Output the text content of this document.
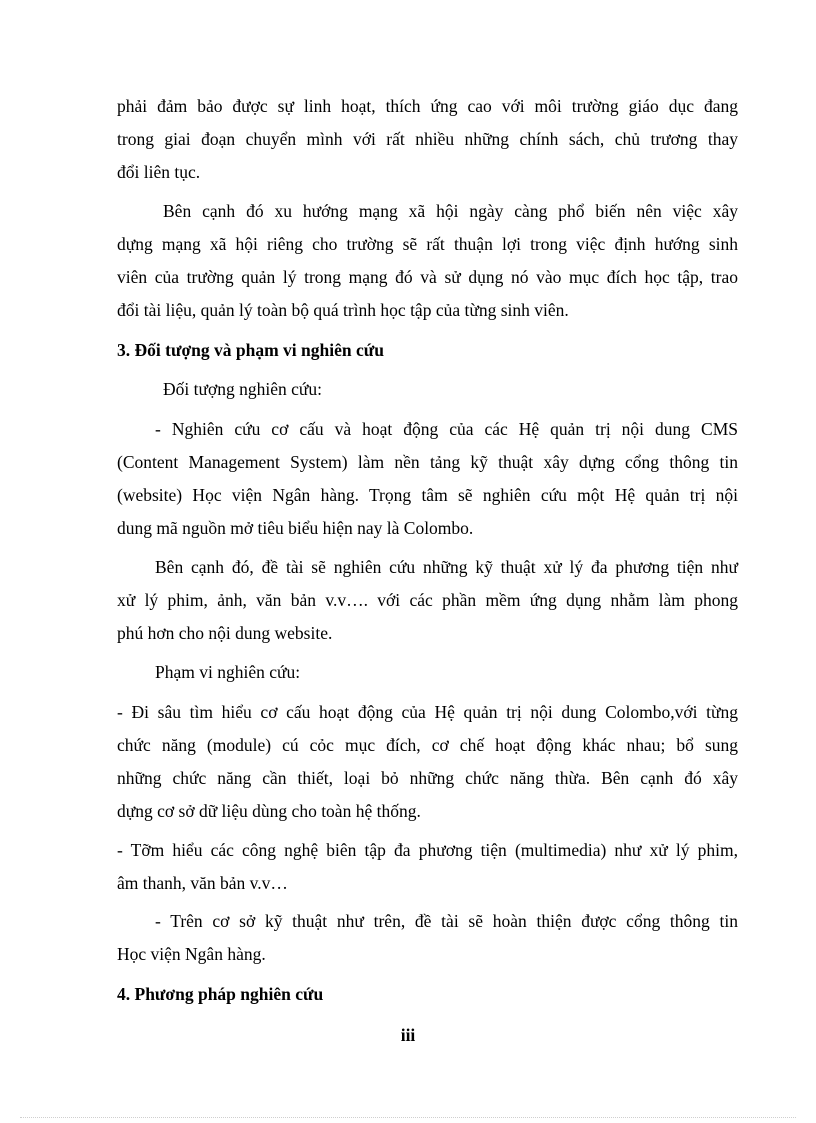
phải đảm bảo được sự linh hoạt, thích ứng cao với môi trường giáo dục đang
trong giai đoạn chuyển mình với rất nhiều những chính sách, chủ trương thay
đổi liên tục.
Bên cạnh đó xu hướng mạng xã hội ngày càng phổ biến nên việc xây
dựng mạng xã hội riêng cho trường sẽ rất thuận lợi trong việc định hướng sinh
viên của trường quản lý trong mạng đó và sử dụng nó vào mục đích học tập, trao
đổi tài liệu, quản lý toàn bộ quá trình học tập của từng sinh viên.
3. Đối tượng và phạm vi nghiên cứu
Đối tượng nghiên cứu:
- Nghiên cứu cơ cấu và hoạt động của các Hệ quản trị nội dung CMS
(Content Management System) làm nền tảng kỹ thuật xây dựng cổng thông tin
(website) Học viện Ngân hàng. Trọng tâm sẽ nghiên cứu một Hệ quản trị nội
dung mã nguồn mở tiêu biểu hiện nay là Colombo.
Bên cạnh đó, đề tài sẽ nghiên cứu những kỹ thuật xử lý đa phương tiện như
xử lý phim, ảnh, văn bản v.v…. với các phần mềm ứng dụng nhằm làm phong
phú hơn cho nội dung website.
Phạm vi nghiên cứu:
- Đi sâu tìm hiểu cơ cấu hoạt động của Hệ quản trị nội dung Colombo,với từng
chức năng (module) cú cỏc mục đích, cơ chế hoạt động khác nhau; bổ sung
những chức năng cần thiết, loại bỏ những chức năng thừa. Bên cạnh đó xây
dựng cơ sở dữ liệu dùng cho toàn hệ thống.
- Tỡm hiểu các công nghệ biên tập đa phương tiện (multimedia) như xử lý phim,
âm thanh, văn bản v.v…
- Trên cơ sở kỹ thuật như trên, đề tài sẽ hoàn thiện được cổng thông tin
Học viện Ngân hàng.
4. Phương pháp nghiên cứu
iii
